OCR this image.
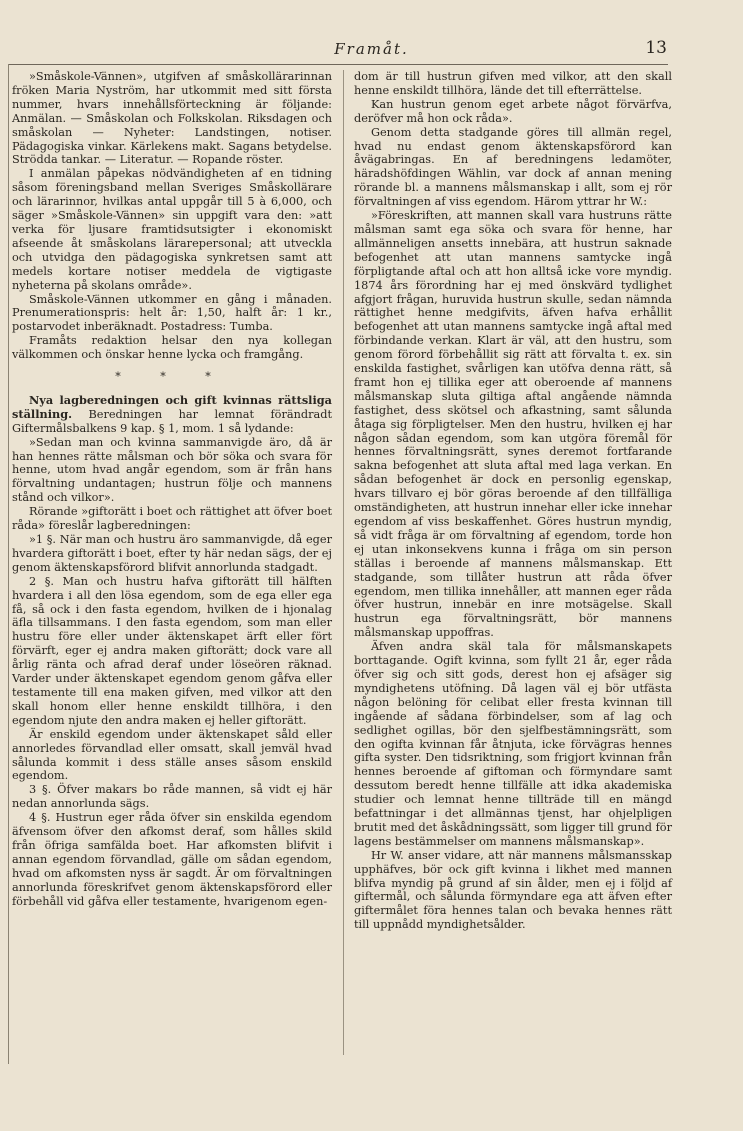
Framåt.	13

»Småskole-Vännen», utgifven af småskollärarinnan fröken Maria Nyström, har utkommit med sitt första nummer, hvars innehållsförteckning är följande: Anmälan. — Småskolan och Folkskolan. Riksdagen och småskolan — Nyheter: Landstingen, notiser. Pädagogiska vinkar. Kärlekens makt. Sagans betydelse. Strödda tankar. — Literatur. — Ropande röster.

I anmälan påpekas nödvändigheten af en tidning såsom föreningsband mellan Sveriges Småskollärare och lärarinnor, hvilkas antal uppgår till 5 à 6,000, och säger »Småskole-Vännen» sin uppgift vara den: »att verka för ljusare framtidsutsigter i ekonomiskt afseende åt småskolans lärarepersonal; att utveckla och utvidga den pädagogiska synkretsen samt att medels kortare notiser meddela de vigtigaste nyheterna på skolans område».

Småskole-Vännen utkommer en gång i månaden. Prenumerationspris: helt år: 1,50, halft år: 1 kr., postarvodet inberäknadt. Postadress: Tumba.

Framåts redaktion helsar den nya kollegan välkommen och önskar henne lycka och framgång.

* * *

Nya lagberedningen och gift kvinnas rättsliga ställning. Beredningen har lemnat förändradt Giftermålsbalkens 9 kap. § 1, mom. 1 så lydande:

»Sedan man och kvinna sammanvigde äro, då är han hennes rätte målsman och bör söka och svara för henne, utom hvad angår egendom, som är från hans förvaltning undantagen; hustrun följe och mannens stånd och vilkor».

Rörande »giftorätt i boet och rättighet att öfver boet råda» föreslår lagberedningen:

»1 §. När man och hustru äro sammanvigde, då eger hvardera giftorätt i boet, efter ty här nedan sägs, der ej genom äktenskapsförord blifvit annorlunda stadgadt.

2 §. Man och hustru hafva giftorätt till hälften hvardera i all den lösa egendom, som de ega eller ega få, så ock i den fasta egendom, hvilken de i hjonalag äfla tillsammans. I den fasta egendom, som man eller hustru före eller under äktenskapet ärft eller fört förvärft, eger ej andra maken giftorätt; dock vare all årlig ränta och afrad deraf under löseören räknad. Varder under äktenskapet egendom genom gåfva eller testamente till ena maken gifven, med vilkor att den skall honom eller henne enskildt tillhöra, i den egendom njute den andra maken ej heller giftorätt.

Är enskild egendom under äktenskapet såld eller annorledes förvandlad eller omsatt, skall jemväl hvad sålunda kommit i dess ställe anses såsom enskild egendom.

3 §. Öfver makars bo råde mannen, så vidt ej här nedan annorlunda sägs.

4 §. Hustrun eger råda öfver sin enskilda egendom äfvensom öfver den afkomst deraf, som hålles skild från öfriga samfälda boet. Har afkomsten blifvit i annan egendom förvandlad, gälle om sådan egendom, hvad om afkomsten nyss är sagdt. Är om förvaltningen annorlunda föreskrifvet genom äktenskapsförord eller förbehåll vid gåfva eller testamente, hvarigenom egen-

dom är till hustrun gifven med vilkor, att den skall henne enskildt tillhöra, lände det till efterrättelse.

Kan hustrun genom eget arbete något förvärfva, deröfver må hon ock råda».

Genom detta stadgande göres till allmän regel, hvad nu endast genom äktenskapsförord kan åvägabringas. En af beredningens ledamöter, häradshöfdingen Wählin, var dock af annan mening rörande bl. a mannens målsmanskap i allt, som ej rör förvaltningen af viss egendom. Härom yttrar hr W.:

»Föreskriften, att mannen skall vara hustruns rätte målsman samt ega söka och svara för henne, har allmänneligen ansetts innebära, att hustrun saknade befogenhet att utan mannens samtycke ingå förpligtande aftal och att hon alltså icke vore myndig. 1874 års förordning har ej med önskvärd tydlighet afgjort frågan, huruvida hustrun skulle, sedan nämnda rättighet henne medgifvits, äfven hafva erhållit befogenhet att utan mannens samtycke ingå aftal med förbindande verkan. Klart är väl, att den hustru, som genom förord förbehållit sig rätt att förvalta t. ex. sin enskilda fastighet, svårligen kan utöfva denna rätt, så framt hon ej tillika eger att oberoende af mannens målsmanskap sluta giltiga aftal angående nämnda fastighet, dess skötsel och afkastning, samt sålunda åtaga sig förpligtelser. Men den hustru, hvilken ej har någon sådan egendom, som kan utgöra föremål för hennes förvaltningsrätt, synes deremot fortfarande sakna befogenhet att sluta aftal med laga verkan. En sådan befogenhet är dock en personlig egenskap, hvars tillvaro ej bör göras beroende af den tillfälliga omständigheten, att hustrun innehar eller icke innehar egendom af viss beskaffenhet. Göres hustrun myndig, så vidt fråga är om förvaltning af egendom, torde hon ej utan inkonsekvens kunna i fråga om sin person ställas i beroende af mannens målsmanskap. Ett stadgande, som tillåter hustrun att råda öfver egendom, men tillika innehåller, att mannen eger råda öfver hustrun, innebär en inre motsägelse. Skall hustrun ega förvaltningsrätt, bör mannens målsmanskap uppoffras.

Äfven andra skäl tala för målsmanskapets borttagande. Ogift kvinna, som fyllt 21 år, eger råda öfver sig och sitt gods, derest hon ej afsäger sig myndighetens utöfning. Då lagen väl ej bör utfästa någon belöning för celibat eller fresta kvinnan till ingående af sådana förbindelser, som af lag och sedlighet ogillas, bör den sjelfbestämningsrätt, som den ogifta kvinnan får åtnjuta, icke förvägras hennes gifta syster. Den tidsriktning, som frigjort kvinnan från hennes beroende af giftoman och förmyndare samt dessutom beredt henne tillfälle att idka akademiska studier och lemnat henne tillträde till en mängd befattningar i det allmännas tjenst, har ohjelpligen brutit med det åskådningssätt, som ligger till grund för lagens bestämmelser om mannens målsmanskap».

Hr W. anser vidare, att när mannens målsmansskap upphäfves, bör ock gift kvinna i likhet med mannen blifva myndig på grund af sin ålder, men ej i följd af giftermål, och sålunda förmyndare ega att äfven efter giftermålet föra hennes talan och bevaka hennes rätt till uppnådd myndighetsålder.
